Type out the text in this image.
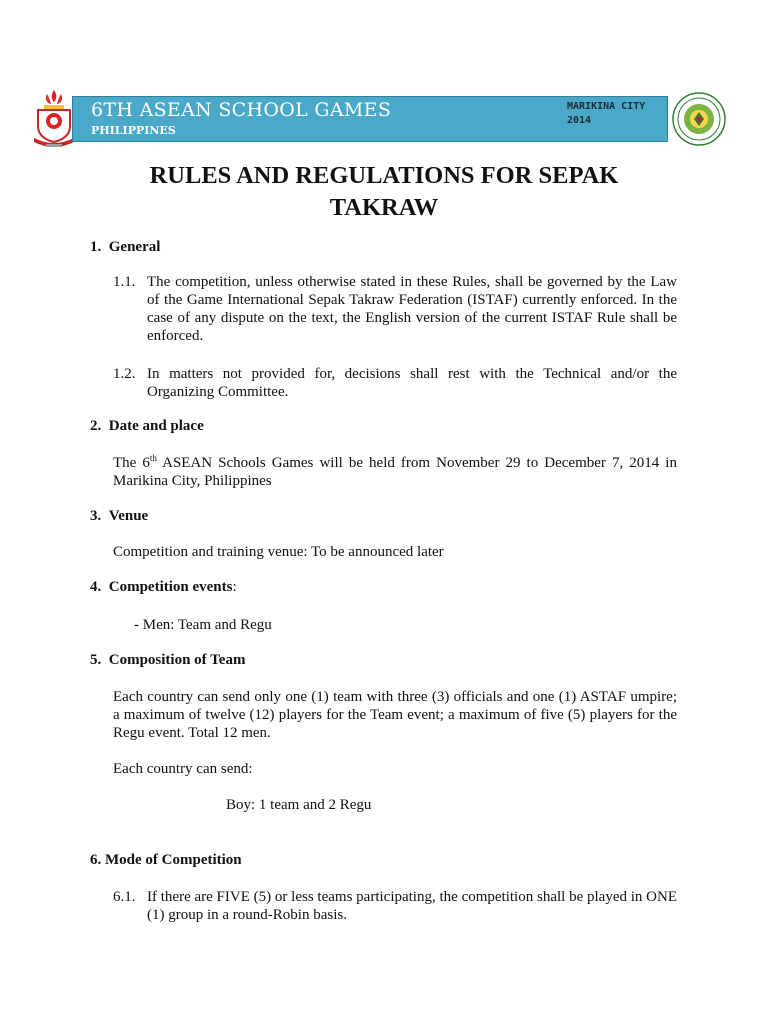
6TH ASEAN SCHOOL GAMES
PHILIPPINES
MARIKINA CITY
2014
RULES AND REGULATIONS FOR SEPAK
TAKRAW
1. General
1.1. The competition, unless otherwise stated in these Rules, shall be governed by the Law of the Game International Sepak Takraw Federation (ISTAF) currently enforced. In the case of any dispute on the text, the English version of the current ISTAF Rule shall be enforced.
1.2. In matters not provided for, decisions shall rest with the Technical and/or the Organizing Committee.
2. Date and place
The 6th ASEAN Schools Games will be held from November 29 to December 7, 2014 in Marikina City, Philippines
3. Venue
Competition and training venue: To be announced later
4. Competition events:
- Men: Team and Regu
5. Composition of Team
Each country can send only one (1) team with three (3) officials and one (1) ASTAF umpire; a maximum of twelve (12) players for the Team event; a maximum of five (5) players for the Regu event. Total 12 men.
Each country can send:
Boy: 1 team and 2 Regu
6. Mode of Competition
6.1. If there are FIVE (5) or less teams participating, the competition shall be played in ONE (1) group in a round-Robin basis.
